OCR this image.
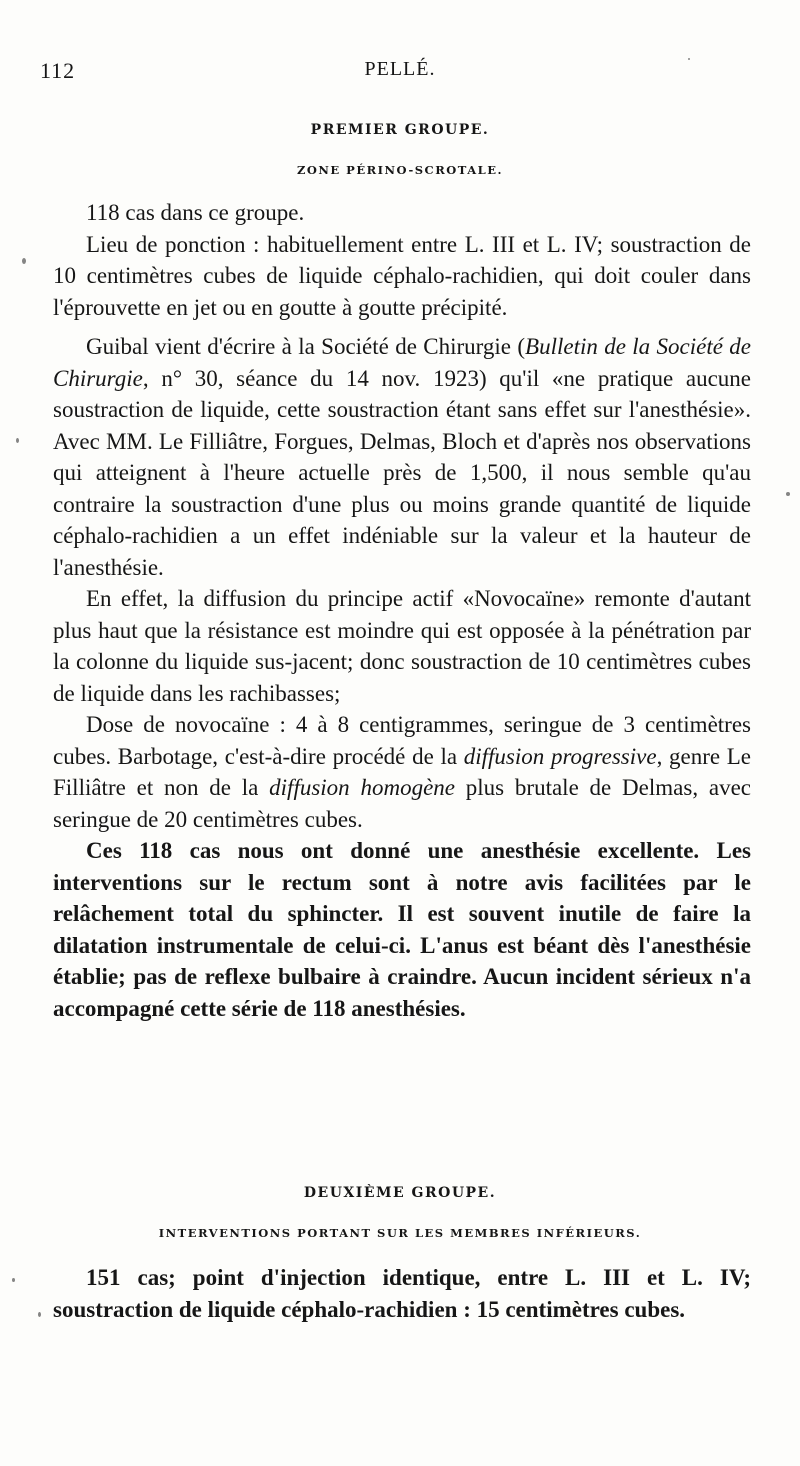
112	PELLÉ.
PREMIER GROUPE.
ZONE PÉRINO-SCROTALE.

118 cas dans ce groupe.

Lieu de ponction : habituellement entre L. III et L. IV; soustraction de 10 centimètres cubes de liquide céphalo-rachidien, qui doit couler dans l'éprouvette en jet ou en goutte à goutte précipité.

Guibal vient d'écrire à la Société de Chirurgie (Bulletin de la Société de Chirurgie, n° 30, séance du 14 nov. 1923) qu'il «ne pratique aucune soustraction de liquide, cette soustraction étant sans effet sur l'anesthésie». Avec MM. Le Filliâtre, Forgues, Delmas, Bloch et d'après nos observations qui atteignent à l'heure actuelle près de 1,500, il nous semble qu'au contraire la soustraction d'une plus ou moins grande quantité de liquide céphalo-rachidien a un effet indéniable sur la valeur et la hauteur de l'anesthésie.

En effet, la diffusion du principe actif «Novocaïne» remonte d'autant plus haut que la résistance est moindre qui est opposée à la pénétration par la colonne du liquide sus-jacent; donc soustraction de 10 centimètres cubes de liquide dans les rachibasses;

Dose de novocaïne : 4 à 8 centigrammes, seringue de 3 centimètres cubes. Barbotage, c'est-à-dire procédé de la diffusion progressive, genre Le Filliâtre et non de la diffusion homogène plus brutale de Delmas, avec seringue de 20 centimètres cubes.

Ces 118 cas nous ont donné une anesthésie excellente. Les interventions sur le rectum sont à notre avis facilitées par le relâchement total du sphincter. Il est souvent inutile de faire la dilatation instrumentale de celui-ci. L'anus est béant dès l'anesthésie établie; pas de reflexe bulbaire à craindre. Aucun incident sérieux n'a accompagné cette série de 118 anesthésies.

DEUXIÈME GROUPE.
INTERVENTIONS PORTANT SUR LES MEMBRES INFÉRIEURS.

151 cas; point d'injection identique, entre L. III et L. IV; soustraction de liquide céphalo-rachidien : 15 centimètres cubes.
